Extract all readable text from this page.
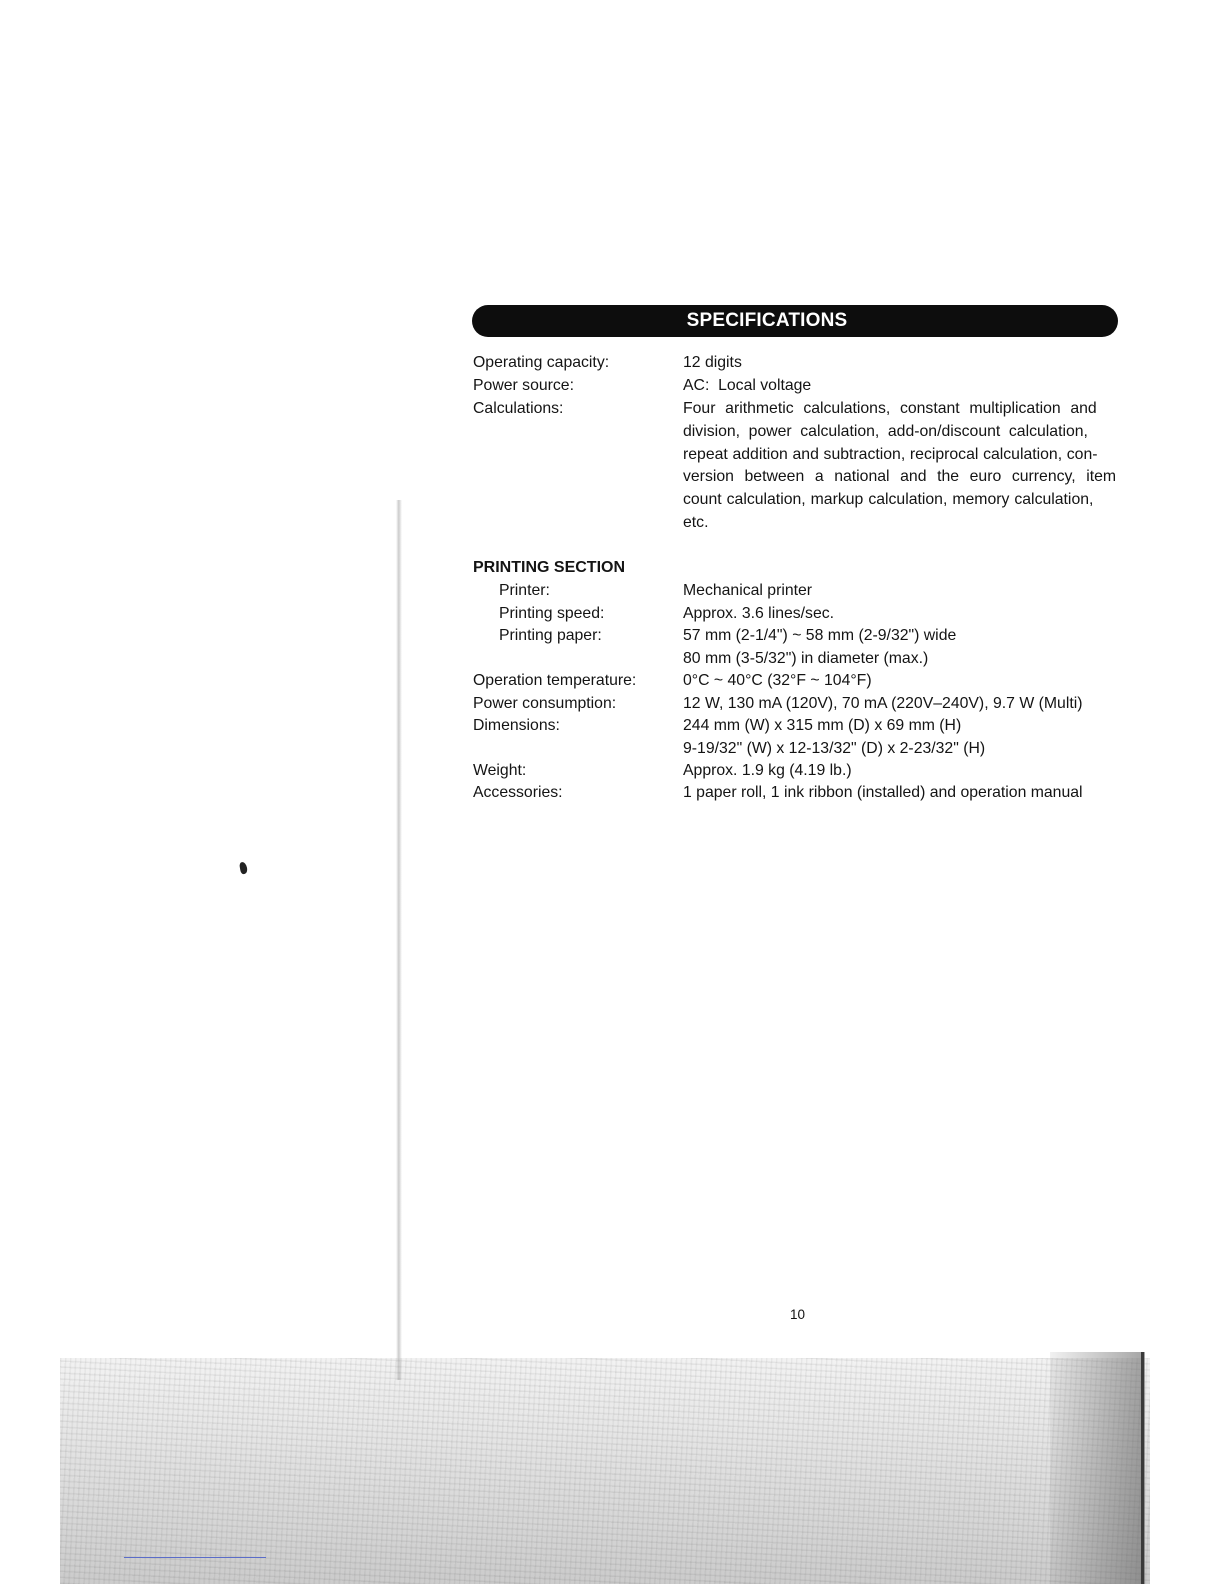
SPECIFICATIONS
Operating capacity:	12 digits
Power source:	AC:  Local voltage
Calculations:	Four arithmetic calculations, constant multiplication and
division, power calculation, add-on/discount calculation,
repeat addition and subtraction, reciprocal calculation, con-
version between a national and the euro currency, item
count calculation, markup calculation, memory calculation,
etc.
PRINTING SECTION
Printer:	Mechanical printer
Printing speed:	Approx. 3.6 lines/sec.
Printing paper:	57 mm (2-1/4") ~ 58 mm (2-9/32") wide
80 mm (3-5/32") in diameter (max.)
Operation temperature:	0°C ~ 40°C (32°F ~ 104°F)
Power consumption:	12 W, 130 mA (120V), 70 mA (220V–240V), 9.7 W (Multi)
Dimensions:	244 mm (W) x 315 mm (D) x 69 mm (H)
9-19/32" (W) x 12-13/32" (D) x 2-23/32" (H)
Weight:	Approx. 1.9 kg (4.19 lb.)
Accessories:	1 paper roll, 1 ink ribbon (installed) and operation manual
10
